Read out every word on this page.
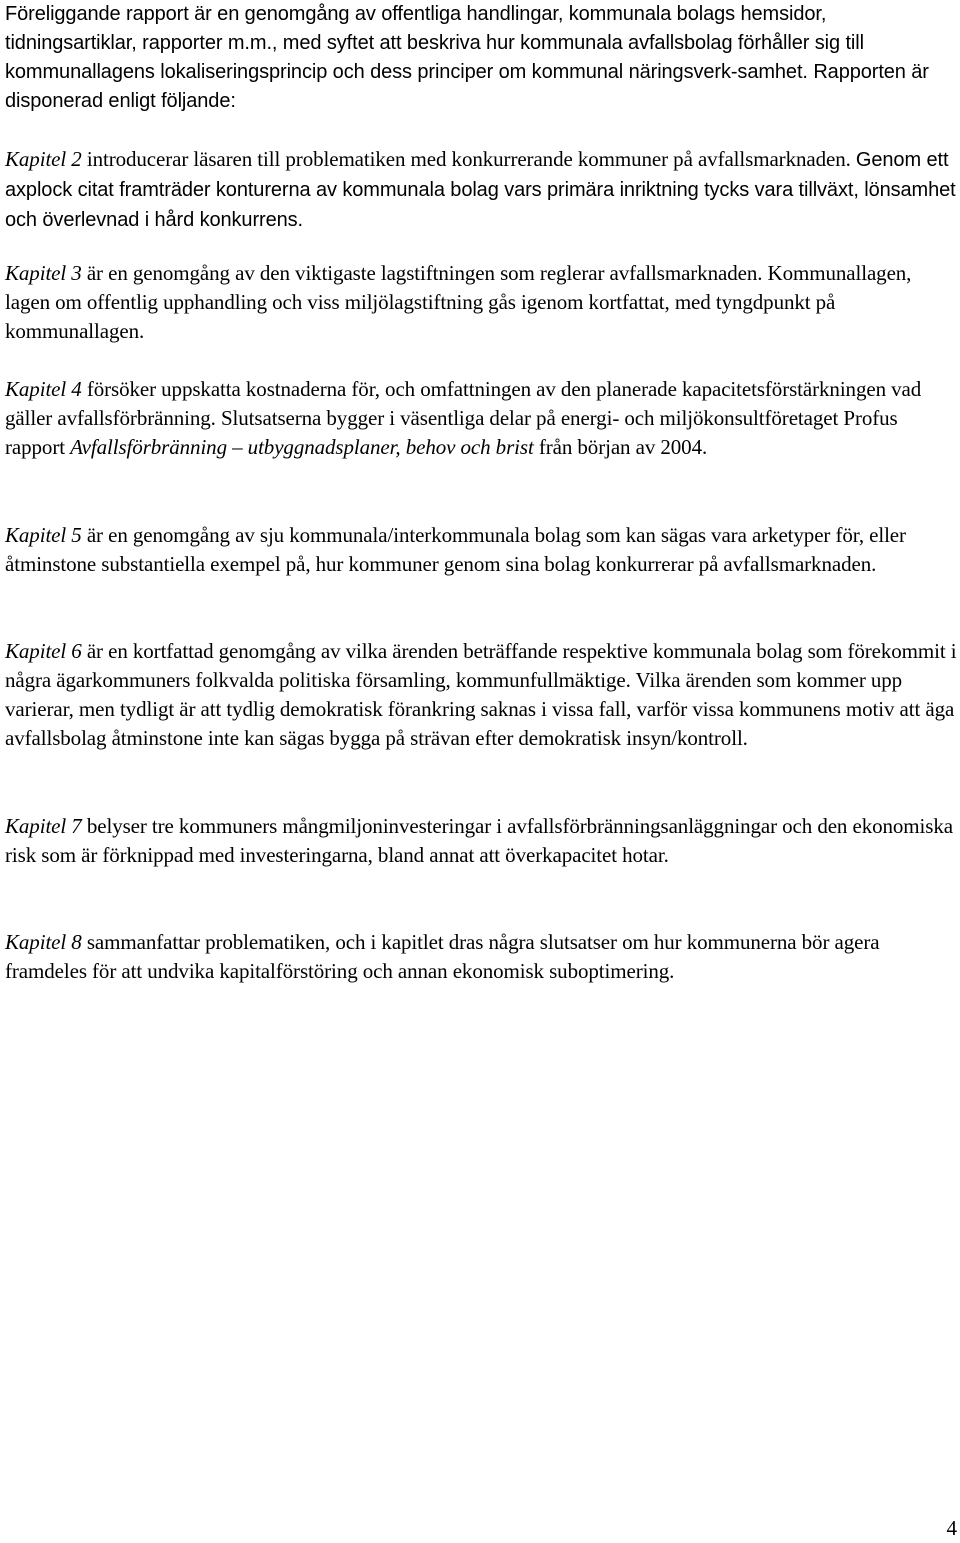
Föreliggande rapport är en genomgång av offentliga handlingar, kommunala bolags hemsidor, tidningsartiklar, rapporter m.m., med syftet att beskriva hur kommunala avfallsbolag förhåller sig till kommunallagens lokaliseringsprincip och dess principer om kommunal näringsverk-samhet. Rapporten är disponerad enligt följande:

Kapitel 2 introducerar läsaren till problematiken med konkurrerande kommuner på avfallsmarknaden. Genom ett axplock citat framträder konturerna av kommunala bolag vars primära inriktning tycks vara tillväxt, lönsamhet och överlevnad i hård konkurrens.

Kapitel 3 är en genomgång av den viktigaste lagstiftningen som reglerar avfallsmarknaden. Kommunallagen, lagen om offentlig upphandling och viss miljölagstiftning gås igenom kortfattat, med tyngdpunkt på kommunallagen.

Kapitel 4 försöker uppskatta kostnaderna för, och omfattningen av den planerade kapacitetsförstärkningen vad gäller avfallsförbränning. Slutsatserna bygger i väsentliga delar på energi- och miljökonsultföretaget Profus rapport Avfallsförbränning – utbyggnadsplaner, behov och brist från början av 2004.

Kapitel 5 är en genomgång av sju kommunala/interkommunala bolag som kan sägas vara arketyper för, eller åtminstone substantiella exempel på, hur kommuner genom sina bolag konkurrerar på avfallsmarknaden.

Kapitel 6 är en kortfattad genomgång av vilka ärenden beträffande respektive kommunala bolag som förekommit i några ägarkommuners folkvalda politiska församling, kommunfullmäktige. Vilka ärenden som kommer upp varierar, men tydligt är att tydlig demokratisk förankring saknas i vissa fall, varför vissa kommunens motiv att äga avfallsbolag åtminstone inte kan sägas bygga på strävan efter demokratisk insyn/kontroll.

Kapitel 7 belyser tre kommuners mångmiljoninvesteringar i avfallsförbränningsanläggningar och den ekonomiska risk som är förknippad med investeringarna, bland annat att överkapacitet hotar.

Kapitel 8 sammanfattar problematiken, och i kapitlet dras några slutsatser om hur kommunerna bör agera framdeles för att undvika kapitalförstöring och annan ekonomisk suboptimering.

4
